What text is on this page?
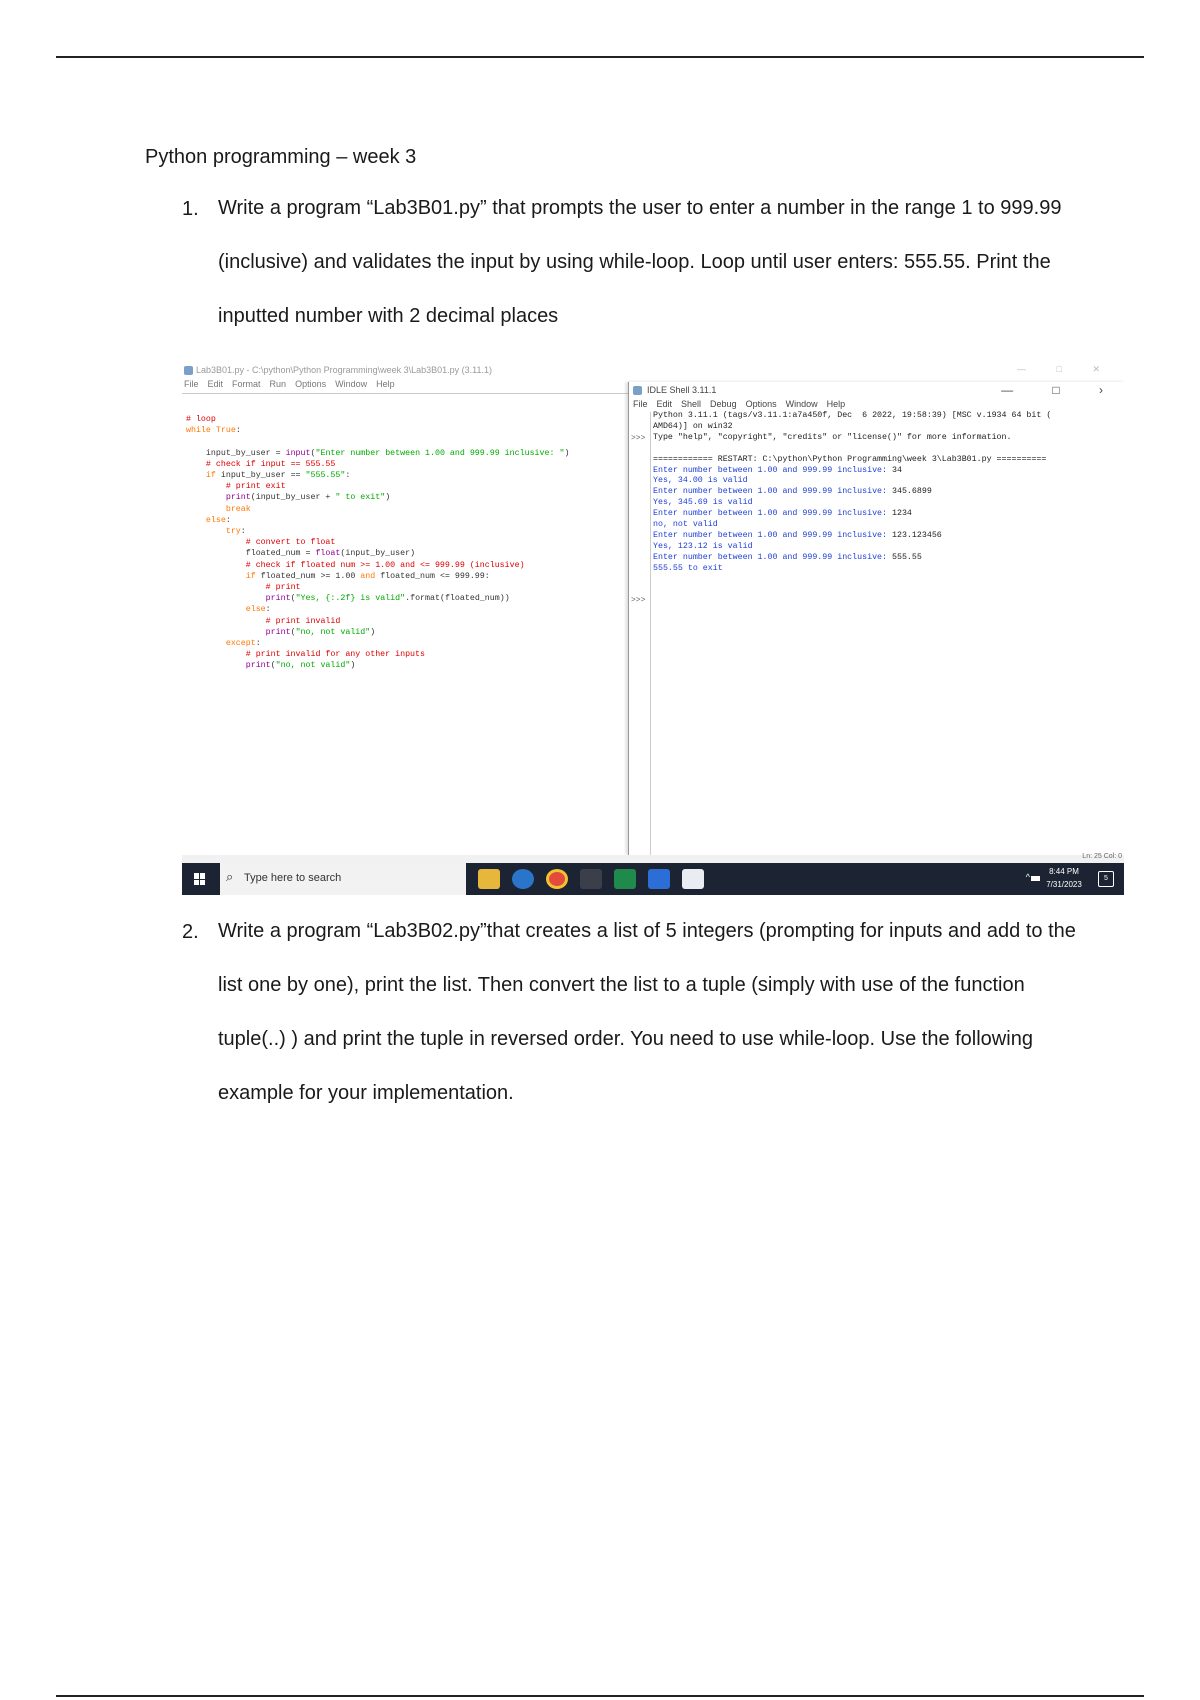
Python programming – week 3
1. Write a program “Lab3B01.py” that prompts the user to enter a number in the range 1 to 999.99 (inclusive) and validates the input by using while-loop. Loop until user enters: 555.55. Print the inputted number with 2 decimal places
Lab3B01.py - C:\python\Python Programming\week 3\Lab3B01.py (3.11.1)	— □ ✕
File Edit Format Run Options Window Help
# loop
while True:

input_by_user = input("Enter number between 1.00 and 999.99 inclusive: ")
# check if input == 555.55
if input_by_user == "555.55":
# print exit
print(input_by_user + " to exit")
break
else:
try:
# convert to float
floated_num = float(input_by_user)
# check if floated num >= 1.00 and <= 999.99 (inclusive)
if floated_num >= 1.00 and floated_num <= 999.99:
# print
print("Yes, {:.2f} is valid".format(floated_num))
else:
# print invalid
print("no, not valid")
except:
# print invalid for any other inputs
print("no, not valid")
IDLE Shell 3.11.1	— □ ›
File Edit Shell Debug Options Window Help
>>>
>>>
Python 3.11.1 (tags/v3.11.1:a7a450f, Dec  6 2022, 19:58:39) [MSC v.1934 64 bit (
AMD64)] on win32
Type "help", "copyright", "credits" or "license()" for more information.

============ RESTART: C:\python\Python Programming\week 3\Lab3B01.py ==========
Enter number between 1.00 and 999.99 inclusive: 34
Yes, 34.00 is valid
Enter number between 1.00 and 999.99 inclusive: 345.6899
Yes, 345.69 is valid
Enter number between 1.00 and 999.99 inclusive: 1234
no, not valid
Enter number between 1.00 and 999.99 inclusive: 123.123456
Yes, 123.12 is valid
Enter number between 1.00 and 999.99 inclusive: 555.55
555.55 to exit
Ln: 25 Col: 0
⌕ Type here to search	^
8:44 PM
7/31/2023
5
2. Write a program “Lab3B02.py”that creates a list of 5 integers (prompting for inputs and add to the list one by one), print the list. Then convert the list to a tuple (simply with use of the function tuple(..) ) and print the tuple in reversed order. You need to use while-loop. Use the following example for your implementation.
